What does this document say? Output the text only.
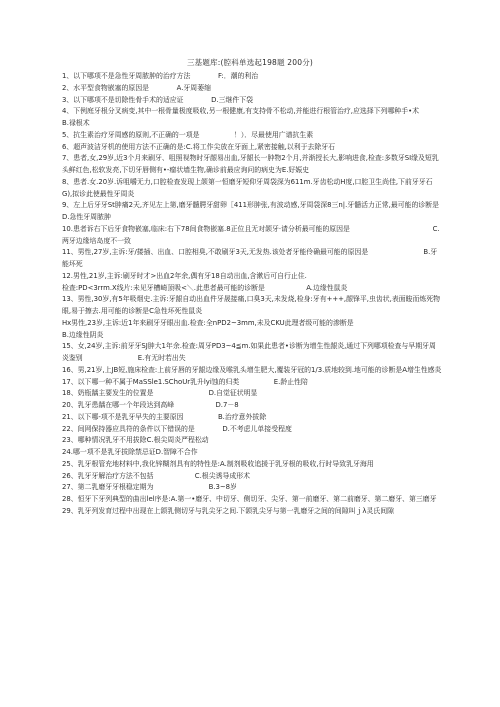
三基题库:(腔科单选起198题 200分)
1、以下哪项不是急性牙周脓肿的治疗方法　　　　F:．潮的利治
2、水平型食物嵌塞的原因是　　　　A.牙周萎缩
3、以下哪项不是切除性骨手术的适应证　　　　D.三继件下袋
4、下例庭牙根分叉病变,其中一根骨量极度吸收,另一根健康,有支持骨不松动,并能进行根管治疗,应选择下列哪种手•术　　　　　　　B.禄根术
5、抗生素治疗牙周感的原则,不正确的一项是　　　　　！）．尽最使用广谱抗生素
6、超声波洁牙机的使用方法不正确的是:C.将工作尖放在牙面上,紧密接触,以利于去除牙石
7、患者,女,29岁,近3个月来刷牙、咀照视物时牙龈易出血,牙龈长一肿物2个月,并渐授长大,影响进食,检查:多数牙SI缘及短乳头鲜红色,松软发亮,下切牙唇侧有•-瘤状墙生物,确诊前最应询问的病史为E.好娠史
8、患者.女.20岁.诉咀嚼无力,口腔检查发现上颌第一恒磨牙短仰牙周袋深为611m.牙齿松动H度,口腔卫生尚佳,下前牙牙石G),拟诊此使最性牙周炎
9、左上后牙牙St肿痛2天,齐见左上第,磨牙髓腭牙甜卵［411形肿张,有波动感,牙周袋深8三n|.牙髓活力正常,最可能的诊断是　　　　D.急性牙周脓肿
10.患者诉右下后牙食物嵌塞,临床:右下78间食物嵌塞.8正位且无对颌牙·请分析最可能的原因是　　　　　　　　　　　　C.两牙边缘培岛度不一致
11、男性,27岁,主诉:牙/搂插、出血、口腔相臭,不敢刷牙3天,无发热.该处者牙能伶确最可能的原因是　　　　　　　　B.牙能坏死
12.男性,21岁,主诉:刷牙时才>出血2年余,偶有牙18自动出血,含漱后可自行止住.
检查:PD<3rrm.X线片:未见牙槽崎顶吸<＼.此患者最可能的诊断是　　　　　　A.边缘性鼠炎
13、男性,30岁,有5年吸烟史.主诉:牙龈自动出血件牙晟接痛,口臭3天,未发烧,检身:牙有+++,龈锋平,虫齿状,表面睃而炼死物眼,易于擦去.用可能的诊断是C急性坏死性鼠炎
Hx男性,23岁,主诉:近1年来刷牙牙眼出血.检查:全nPD2~3mm,未及CKU此理者级可能的渗断是　　　　　　　　　　　　B.边缘性阴炎
15、女,24岁,主诉:前牙牙SJ肿大1年余.检查:周牙PD3~4≦m.如果此患者•诊断为增生性龈炎,通过下列哪项检查与早期牙周炎鉴别　　　　　　　　E.有无时若出失
16、男,21岁,上JB短,施床检查:上前牙唇的牙龈边缘及喉乳头增生肥大,覆装牙冠的1/3.质地较到.地可能的诊断是A增生性感炎
17、以下哪一种不属于MaSSle1.SChoUr乳升lyi蚀的归类　　　　　E.龄止性陪
18、奶瓶龋主要发生的位置是　　　　　　　　D.自觉征状明显
20、乳牙患龋在哪一个年段达到高峰　　　　　　D.7－8
21、以下哪-项不是乳牙早失的主要原因　　　　　B.治疗意外拔除
22、间网保持器应具符的条件以下错误的是　　　　D.不考虑儿单接受程度
23、哪种情况乳牙不用拔除C.根尖周炎严程松动
24.哪一项不是乳牙拔除禁忌证D.智障不合作
25、乳牙根管充地材料中,我化锌糊剂具有的特性是:A.制剂吸收追援于乳牙根的吸收,行时导致乳牙海用
26、乳牙牙解治疗方法不包括　　　　　　C.根尖诱导成形术
27、第二乳磨牙牙根稳定期为　　　　　　　　B.3~8岁
28、恒牙下牙列典型的曲出lel序是:A.第一•磨牙、中切牙、侧切牙、尖牙、第一前磨牙、第二前磨牙、第二磨牙、第三磨牙
29、乳牙列发育过程中出现在上颌乳侧切牙与乳尖牙之间.下颌乳尖牙与第一乳磨牙之间的间隙叫ｊλ灵氏间隙
